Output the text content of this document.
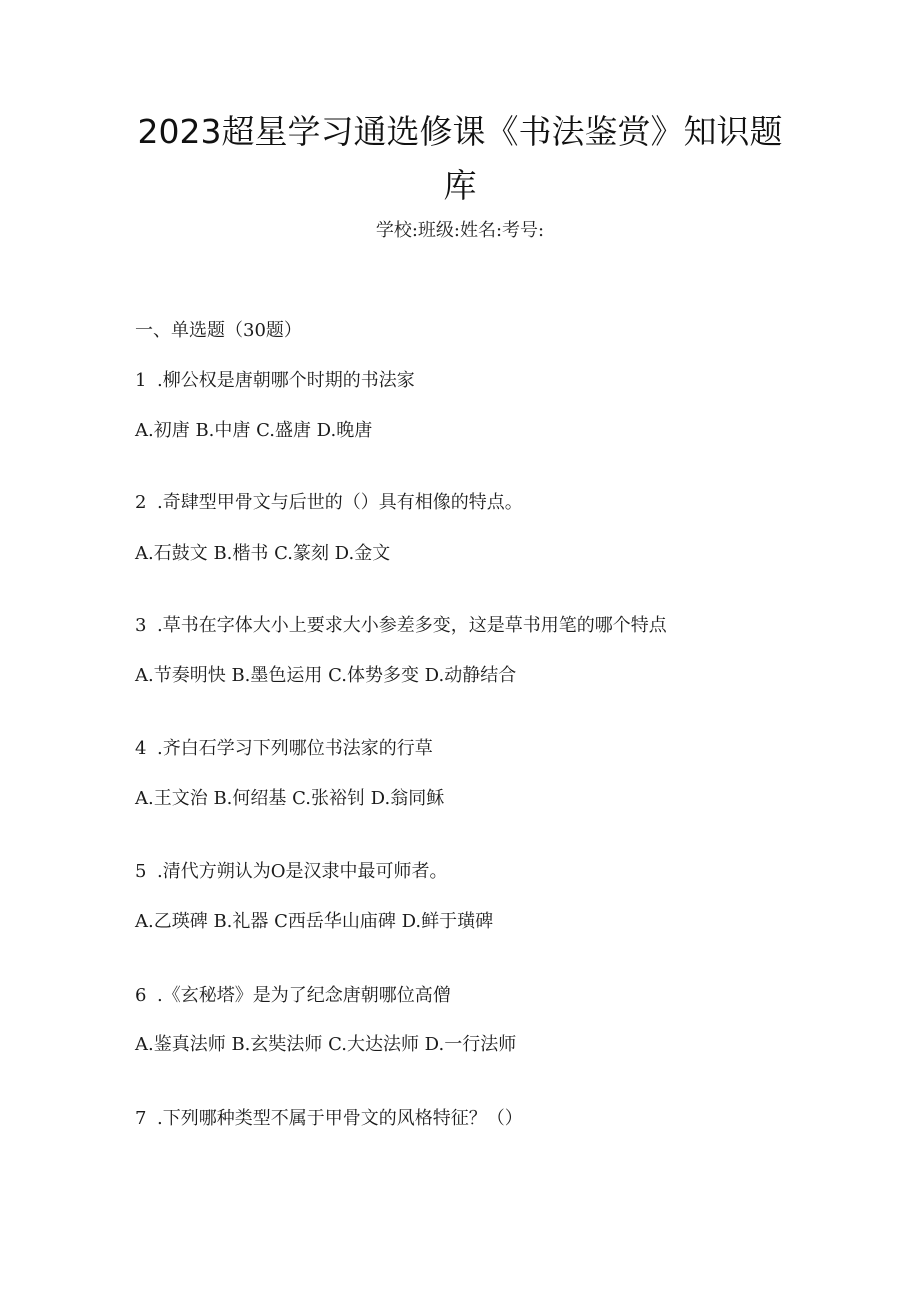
2023超星学习通选修课《书法鉴赏》知识题
库
学校:班级:姓名:考号:
一、单选题（30题）
1 .柳公权是唐朝哪个时期的书法家
A.初唐 B.中唐 C.盛唐 D.晚唐
2 .奇肆型甲骨文与后世的（）具有相像的特点。
A.石鼓文 B.楷书 C.篆刻 D.金文
3 .草书在字体大小上要求大小参差多变，这是草书用笔的哪个特点
A.节奏明快 B.墨色运用 C.体势多变 D.动静结合
4 .齐白石学习下列哪位书法家的行草
A.王文治 B.何绍基 C.张裕钊 D.翁同稣
5 .清代方朔认为O是汉隶中最可师者。
A.乙瑛碑 B.礼器 C西岳华山庙碑 D.鲜于璜碑
6 .《玄秘塔》是为了纪念唐朝哪位高僧
A.鉴真法师 B.玄奘法师 C.大达法师 D.一行法师
7 .下列哪种类型不属于甲骨文的风格特征？（）
